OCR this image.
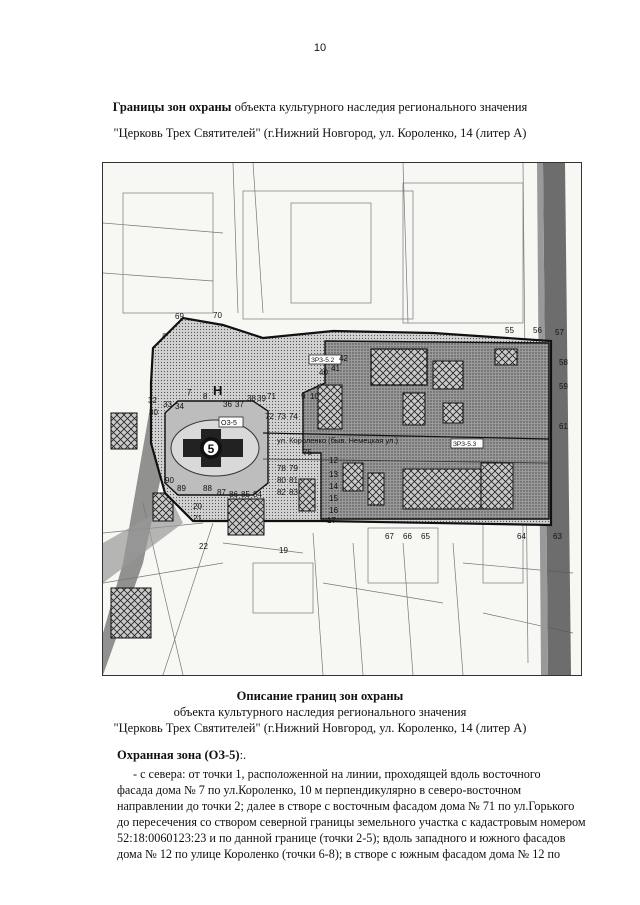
10
Границы зон охраны объекта культурного наследия регионального значения
"Церковь Трех Святителей" (г.Нижний Новгород, ул. Короленко, 14 (литер А)
5
ОЗ-5
ЗРЗ-5.2
ЗРЗ-5.3
Н
ул. Короленко (быв. Немецкая ул.)
69	70
8
7
36 37
38 39 71	9 10
32 33 34
30	72 73 74
42
40 41
55 56 57
58
59
61
63
64
65
66
67
17
12
13
14
15
16
75
78 79
80 81
82 83
84
85
86
87
88
89
90
20
21
22	19
Описание границ зон охраны
объекта культурного наследия регионального значения
"Церковь Трех Святителей" (г.Нижний Новгород, ул. Короленко, 14 (литер А)
Охранная зона (ОЗ-5):.
- с севера: от точки 1, расположенной на линии, проходящей вдоль восточного
фасада дома № 7 по ул.Короленко, 10 м перпендикулярно в северо-восточном
направлении до точки 2; далее в створе с восточным фасадом дома № 71 по ул.Горького
до пересечения со створом северной границы земельного участка с кадастровым номером
52:18:0060123:23 и по данной границе (точки 2-5); вдоль западного и южного фасадов
дома № 12 по улице Короленко (точки 6-8); в створе с южным фасадом дома № 12 по
